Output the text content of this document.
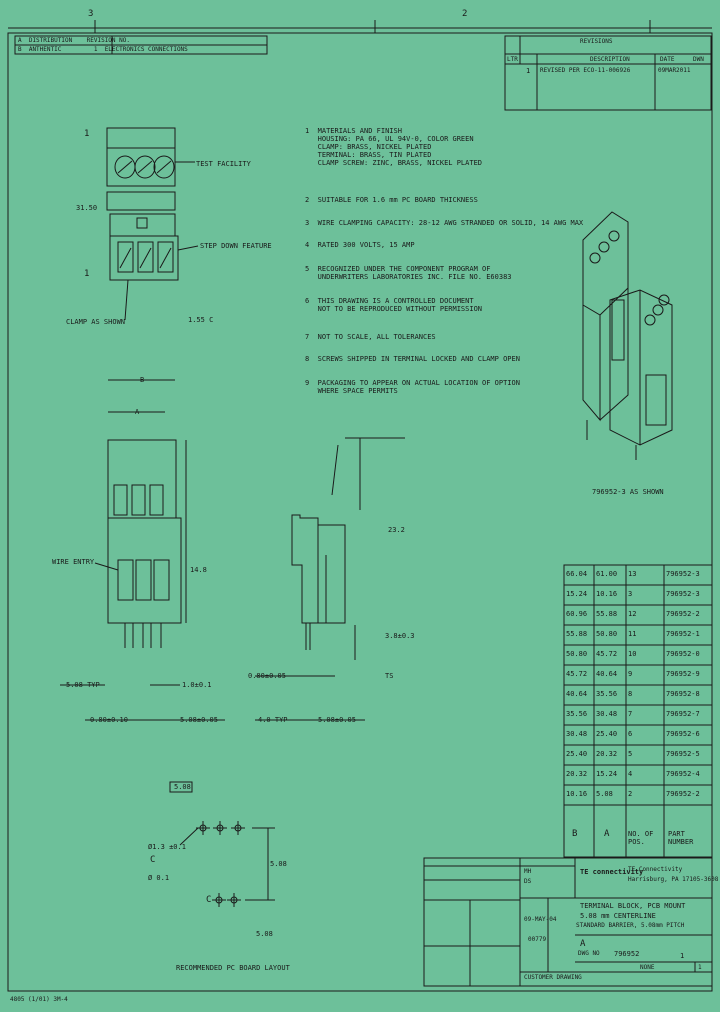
3	2
A  DISTRIBUTION    REVISION NO.
B  ANTHENTIC         1  ELECTRONICS CONNECTIONS
REVISIONS
LTR	DESCRIPTION	DATE	DWN
1 REVISED PER ECO-11-006926	09MAR2011
1
1
TEST FACILITY
STEP DOWN FEATURE
CLAMP AS SHOWN
31.50
1.55 C
1  MATERIALS AND FINISH
HOUSING: PA 66, UL 94V-0, COLOR GREEN
CLAMP: BRASS, NICKEL PLATED
TERMINAL: BRASS, TIN PLATED
CLAMP SCREW: ZINC, BRASS, NICKEL PLATED
2  SUITABLE FOR 1.6 mm PC BOARD THICKNESS
3  WIRE CLAMPING CAPACITY: 28-12 AWG STRANDED OR SOLID, 14 AWG MAX
4  RATED 300 VOLTS, 15 AMP
5  RECOGNIZED UNDER THE COMPONENT PROGRAM OF
UNDERWRITERS LABORATORIES INC. FILE NO. E60383
6  THIS DRAWING IS A CONTROLLED DOCUMENT
NOT TO BE REPRODUCED WITHOUT PERMISSION
7  NOT TO SCALE, ALL TOLERANCES
8  SCREWS SHIPPED IN TERMINAL LOCKED AND CLAMP OPEN
9  PACKAGING TO APPEAR ON ACTUAL LOCATION OF OPTION
WHERE SPACE PERMITS
796952-3 AS SHOWN
B
A
WIRE ENTRY
14.8
5.08 TYP	1.0±0.1
0.80±0.10	5.08±0.05
23.2
3.8±0.3
0.80±0.05	TS
4.0 TYP	5.08±0.05
66.04 61.00 13	796952-3
15.24 10.16 3	796952-3
60.96 55.88 12	796952-2
55.88 50.80 11	796952-1
50.80 45.72 10	796952-0
45.72 40.64 9	796952-9
40.64 35.56 8	796952-8
35.56 30.48 7	796952-7
30.48 25.40 6	796952-6
25.40 20.32 5	796952-5
20.32 15.24 4	796952-4
10.16 5.08 2	796952-2
B	A	NO. OF
POS.
PART
NUMBER
5.08
Ø1.3 ±0.1
Ø 0.1
5.08
5.08
C
C
RECOMMENDED PC BOARD LAYOUT
TE connectivity
TE Connectivity
Harrisburg, PA 17105-3608
TERMINAL BLOCK, PCB MOUNT
5.08 mm CENTERLINE
STANDARD BARRIER, 5.08mm PITCH
DWG NO 796952
A
CUSTOMER DRAWING
MH
DS
09-MAY-04
00779
1
NONE	1
4805 (1/01) 3M-4
